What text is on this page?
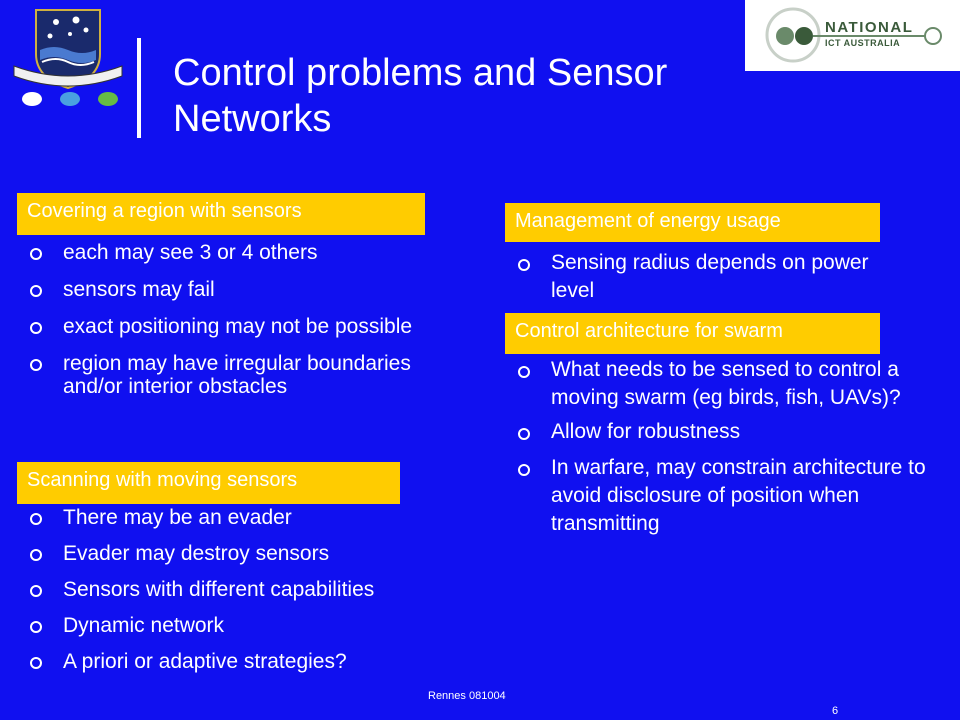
NATIONAL
ICT AUSTRALIA
Control problems and Sensor Networks
Covering a region with sensors
each may see 3 or 4 others
sensors may fail
exact positioning may not be possible
region may have irregular boundaries and/or interior obstacles
Scanning with moving sensors
There may be an evader
Evader may destroy sensors
Sensors with different capabilities
Dynamic network
A priori or adaptive strategies?
Management of energy usage
Sensing radius depends on power level
Control architecture for swarm
What needs to be sensed to control a moving swarm (eg birds, fish, UAVs)?
Allow for robustness
In warfare, may constrain architecture to avoid disclosure of position when transmitting
Rennes 081004
6
